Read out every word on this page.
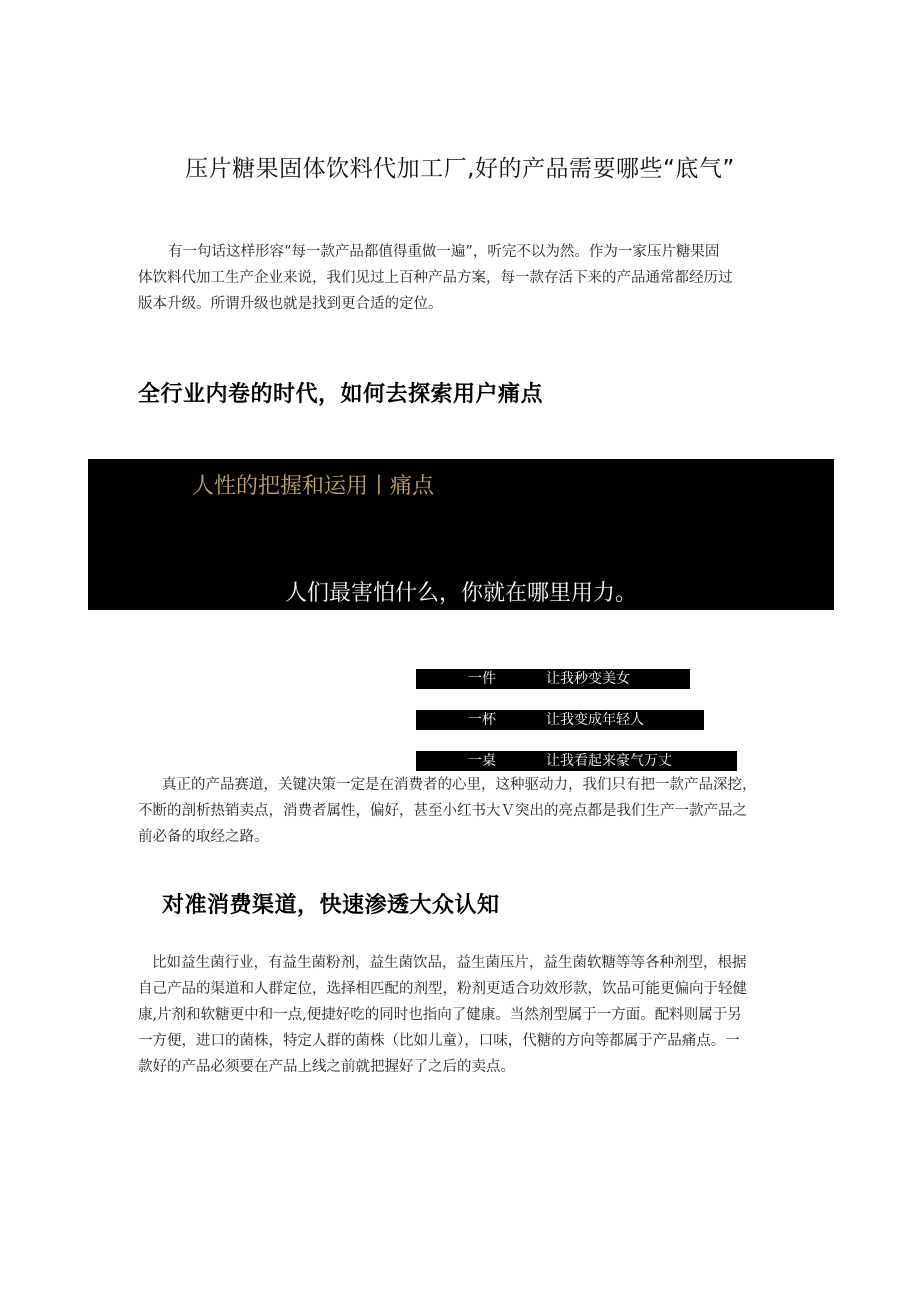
压片糖果固体饮料代加工厂,好的产品需要哪些“底气”
有一句话这样形容“每一款产品都值得重做一遍”，听完不以为然。作为一家压片糖果固
体饮料代加工生产企业来说，我们见过上百种产品方案，每一款存活下来的产品通常都经历过
版本升级。所谓升级也就是找到更合适的定位。
全行业内卷的时代，如何去探索用户痛点
人性的把握和运用丨痛点
人们最害怕什么，你就在哪里用力。
一件	让我秒变美女
一杯	让我变成年轻人
一桌	让我看起来豪气万丈
真正的产品赛道，关键决策一定是在消费者的心里，这种驱动力，我们只有把一款产品深挖，
不断的剖析热销卖点，消费者属性，偏好，甚至小红书大Ｖ突出的亮点都是我们生产一款产品之
前必备的取经之路。
对准消费渠道，快速渗透大众认知
比如益生菌行业，有益生菌粉剂，益生菌饮品，益生菌压片，益生菌软糖等等各种剂型，根据
自己产品的渠道和人群定位，选择相匹配的剂型，粉剂更适合功效形款，饮品可能更偏向于轻健
康,片剂和软糖更中和一点,便捷好吃的同时也指向了健康。当然剂型属于一方面。配料则属于另
一方便，进口的菌株，特定人群的菌株（比如儿童），口味，代糖的方向等都属于产品痛点。一
款好的产品必须要在产品上线之前就把握好了之后的卖点。
